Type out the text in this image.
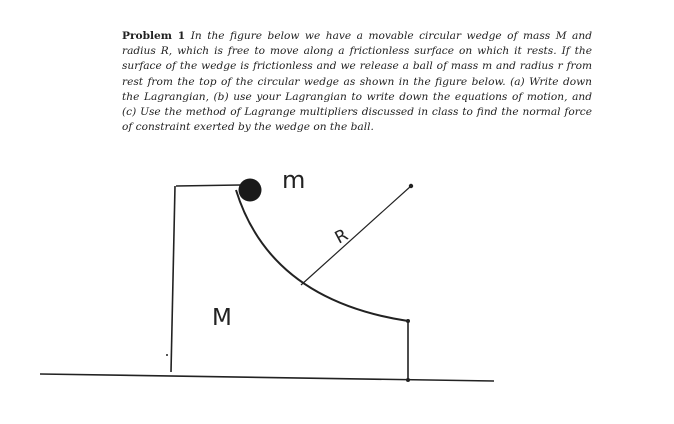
Problem 1 In the figure below we have a movable circular wedge of mass M and radius R, which is free to move along a frictionless surface on which it rests. If the surface of the wedge is frictionless and we release a ball of mass m and radius r from rest from the top of the circular wedge as shown in the figure below. (a) Write down the Lagrangian, (b) use your Lagrangian to write down the equations of motion, and (c) Use the method of Lagrange multipliers discussed in class to find the normal force of constraint exerted by the wedge on the ball.
m
R
M
